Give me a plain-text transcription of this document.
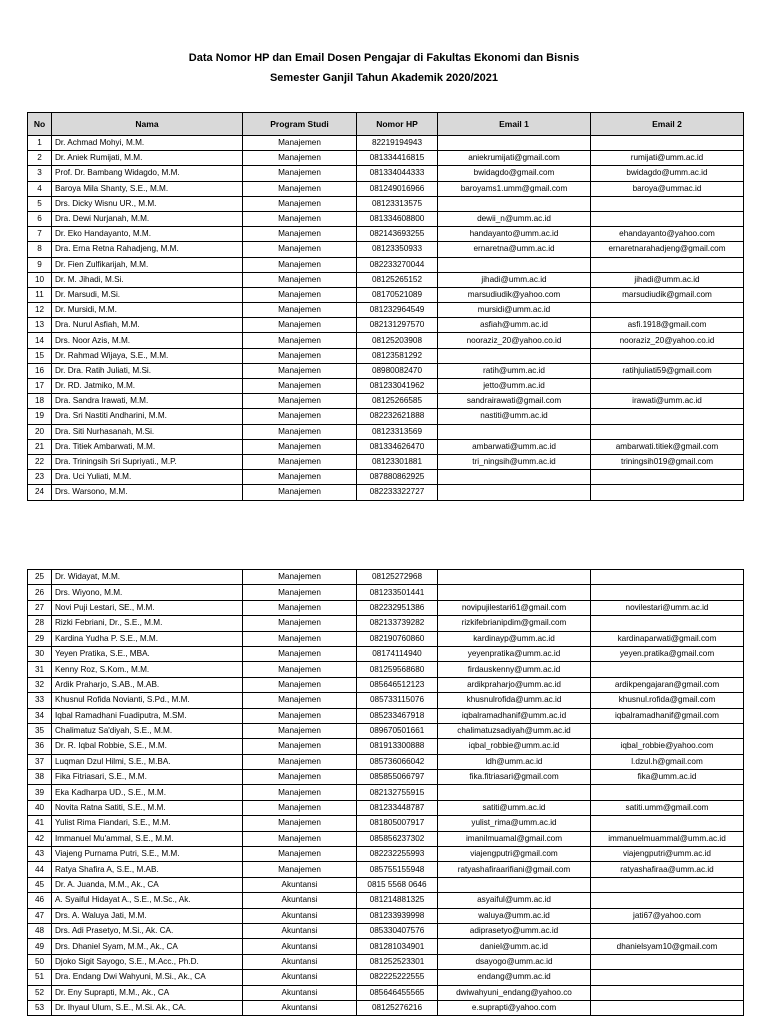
Data Nomor HP dan Email Dosen Pengajar di Fakultas Ekonomi dan Bisnis
Semester Ganjil Tahun Akademik 2020/2021
No	Nama	Program Studi	Nomor HP	Email 1	Email 2
1	Dr. Achmad Mohyi, M.M.	Manajemen	82219194943		
2	Dr. Aniek Rumijati, M.M.	Manajemen	081334416815	aniekrumijati@gmail.com	rumijati@umm.ac.id
3	Prof. Dr. Bambang Widagdo, M.M.	Manajemen	081334044333	bwidagdo@gmail.com	bwidagdo@umm.ac.id
4	Baroya Mila Shanty, S.E., M.M.	Manajemen	081249016966	baroyams1.umm@gmail.com	baroya@ummac.id
5	Drs. Dicky Wisnu UR., M.M.	Manajemen	08123313575		
6	Dra. Dewi Nurjanah, M.M.	Manajemen	081334608800	dewii_n@umm.ac.id	
7	Dr. Eko Handayanto, M.M.	Manajemen	082143693255	handayanto@umm.ac.id	ehandayanto@yahoo.com
8	Dra. Erna Retna Rahadjeng, M.M.	Manajemen	08123350933	ernaretna@umm.ac.id	ernaretnarahadjeng@gmail.com
9	Dr. Fien Zulfikarijah, M.M.	Manajemen	082233270044		
10	Dr. M. Jihadi, M.Si.	Manajemen	08125265152	jihadi@umm.ac.id	jihadi@umm.ac.id
11	Dr. Marsudi, M.Si.	Manajemen	08170521089	marsudiudik@yahoo.com	marsudiudik@gmail.com
12	Dr. Mursidi, M.M.	Manajemen	081232964549	mursidi@umm.ac.id	
13	Dra. Nurul Asfiah, M.M.	Manajemen	082131297570	asfiah@umm.ac.id	asfi.1918@gmail.com
14	Drs. Noor Azis, M.M.	Manajemen	08125203908	nooraziz_20@yahoo.co.id	nooraziz_20@yahoo.co.id
15	Dr. Rahmad Wijaya, S.E., M.M.	Manajemen	08123581292		
16	Dr. Dra. Ratih Juliati, M.Si.	Manajemen	08980082470	ratih@umm.ac.id	ratihjuliati59@gmail.com
17	Dr. RD. Jatmiko, M.M.	Manajemen	081233041962	jetto@umm.ac.id	
18	Dra. Sandra Irawati, M.M.	Manajemen	08125266585	sandrairawati@gmail.com	irawati@umm.ac.id
19	Dra. Sri Nastiti Andharini, M.M.	Manajemen	082232621888	nastiti@umm.ac.id	
20	Dra. Siti Nurhasanah, M.Si.	Manajemen	08123313569		
21	Dra. Titiek Ambarwati, M.M.	Manajemen	081334626470	ambarwati@umm.ac.id	ambarwati.titiek@gmail.com
22	Dra. Triningsih Sri Supriyati., M.P.	Manajemen	08123301881	tri_ningsih@umm.ac.id	triningsih019@gmail.com
23	Dra. Uci Yuliati, M.M.	Manajemen	087880862925		
24	Drs. Warsono, M.M.	Manajemen	082233322727		
25	Dr. Widayat, M.M.	Manajemen	08125272968		
26	Drs. Wiyono, M.M.	Manajemen	081233501441		
27	Novi Puji Lestari, SE., M.M.	Manajemen	082232951386	novipujilestari61@gmail.com	novilestari@umm.ac.id
28	Rizki Febriani, Dr., S.E., M.M.	Manajemen	082133739282	rizkifebrianipdim@gmail.com	
29	Kardina Yudha P. S.E., M.M.	Manajemen	082190760860	kardinayp@umm.ac.id	kardinaparwati@gmail.com
30	Yeyen Pratika, S.E., MBA.	Manajemen	08174114940	yeyenpratika@umm.ac.id	yeyen.pratika@gmail.com
31	Kenny Roz, S.Kom., M.M.	Manajemen	081259568680	firdauskenny@umm.ac.id	
32	Ardik Praharjo, S.AB., M.AB.	Manajemen	085646512123	ardikpraharjo@umm.ac.id	ardikpengajaran@gmail.com
33	Khusnul Rofida Novianti, S.Pd., M.M.	Manajemen	085733115076	khusnulrofida@umm.ac.id	khusnul.rofida@gmail.com
34	Iqbal Ramadhani Fuadiputra, M.SM.	Manajemen	085233467918	iqbalramadhanif@umm.ac.id	iqbalramadhanif@gmail.com
35	Chalimatuz Sa'diyah, S.E., M.M.	Manajemen	089670501661	chalimatuzsadiyah@umm.ac.id	
36	Dr. R. Iqbal Robbie, S.E., M.M.	Manajemen	081913300888	iqbal_robbie@umm.ac.id	iqbal_robbie@yahoo.com
37	Luqman Dzul Hilmi, S.E., M.BA.	Manajemen	085736066042	ldh@umm.ac.id	l.dzul.h@gmail.com
38	Fika Fitriasari, S.E., M.M.	Manajemen	085855066797	fika.fitriasari@gmail.com	fika@umm.ac.id
39	Eka Kadharpa UD., S.E., M.M.	Manajemen	082132755915		
40	Novita Ratna Satiti, S.E., M.M.	Manajemen	081233448787	satiti@umm.ac.id	satiti.umm@gmail.com
41	Yulist Rima Fiandari, S.E., M.M.	Manajemen	081805007917	yulist_rima@umm.ac.id	
42	Immanuel Mu'ammal, S.E., M.M.	Manajemen	085856237302	imanilmuamal@gmail.com	immanuelmuammal@umm.ac.id
43	Viajeng Purnama Putri, S.E., M.M.	Manajemen	082232255993	viajengputri@gmail.com	viajengputri@umm.ac.id
44	Ratya Shafira A, S.E., M.AB.	Manajemen	085755155948	ratyashafiraarifiani@gmail.com	ratyashafiraa@umm.ac.id
45	Dr. A. Juanda, M.M., Ak., CA	Akuntansi	0815 5568 0646		
46	A. Syaiful Hidayat A., S.E., M.Sc., Ak.	Akuntansi	081214881325	asyaiful@umm.ac.id	
47	Drs. A. Waluya Jati, M.M.	Akuntansi	081233939998	waluya@umm.ac.id	jati67@yahoo.com
48	Drs. Adi Prasetyo, M.Si., Ak. CA.	Akuntansi	085330407576	adiprasetyo@umm.ac.id	
49	Drs. Dhaniel Syam, M.M., Ak., CA	Akuntansi	081281034901	daniel@umm.ac.id	dhanielsyam10@gmail.com
50	Djoko Sigit Sayogo, S.E., M.Acc., Ph.D.	Akuntansi	081252523301	dsayogo@umm.ac.id	
51	Dra. Endang Dwi Wahyuni, M.Si., Ak., CA	Akuntansi	082225222555	endang@umm.ac.id	
52	Dr. Eny Suprapti, M.M., Ak., CA	Akuntansi	085646455565	dwiwahyuni_endang@yahoo.co	
53	Dr. Ihyaul Ulum, S.E., M.Si. Ak., CA.	Akuntansi	08125276216	e.suprapti@yahoo.com	
